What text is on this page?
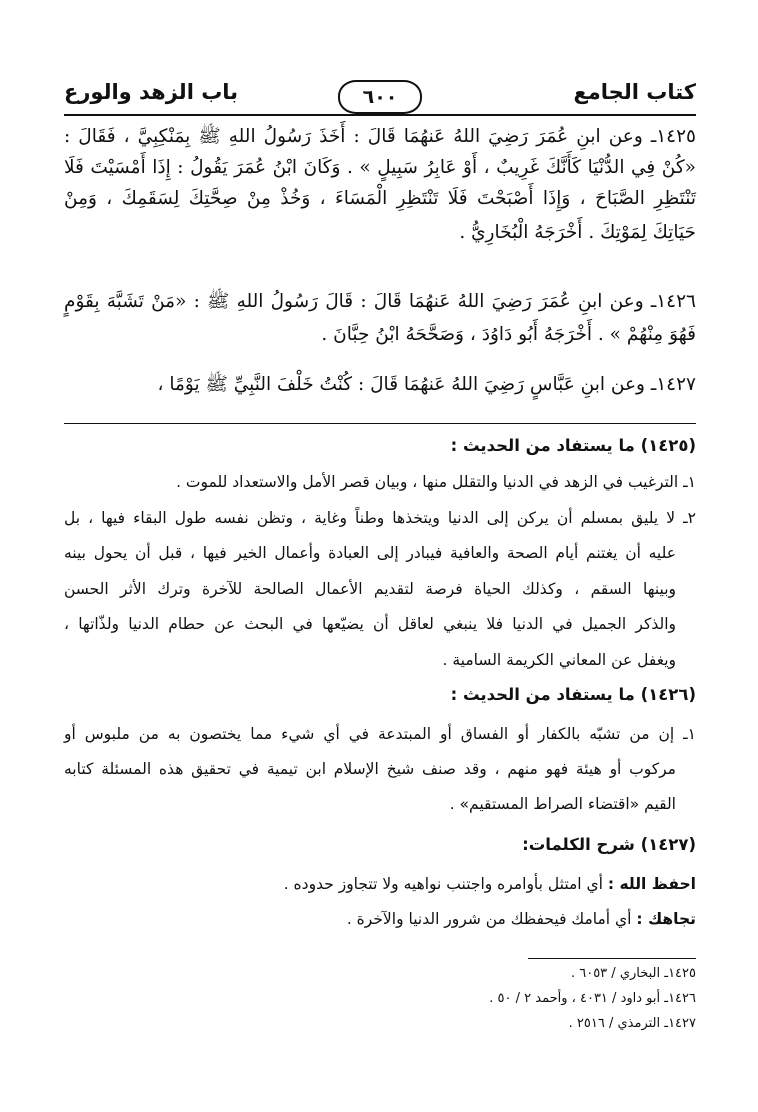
كتاب الجامع
٦٠٠
باب الزهد والورع
١٤٢٥ـ وعن ابنِ عُمَرَ رَضِيَ اللهُ عَنهُمَا قَالَ : أَخَذَ رَسُولُ اللهِ ﷺ بِمَنْكِبِيَّ ، فَقَالَ :
«كُنْ فِي الدُّنْيَا كَأَنَّكَ غَرِيبٌ ، أَوْ عَابِرُ سَبِيلٍ » . وَكَانَ ابْنُ عُمَرَ يَقُولُ : إِذَا أَمْسَيْتَ فَلَا
تَنْتَظِرِ الصَّبَاحَ ، وَإِذَا أَصْبَحْتَ فَلَا تَنْتَظِرِ الْمَسَاءَ ، وَخُذْ مِنْ صِحَّتِكَ لِسَقَمِكَ ، وَمِنْ
حَيَاتِكَ لِمَوْتِكَ . أَخْرَجَهُ الْبُخَارِيُّ .
١٤٢٦ـ وعن ابنِ عُمَرَ رَضِيَ اللهُ عَنهُمَا قَالَ : قَالَ رَسُولُ اللهِ ﷺ : «مَنْ تَشَبَّهَ بِقَوْمٍ
فَهُوَ مِنْهُمْ » . أَخْرَجَهُ أَبُو دَاوُدَ ، وَصَحَّحَهُ ابْنُ حِبَّانَ .
١٤٢٧ـ وعن ابنِ عَبَّاسٍ رَضِيَ اللهُ عَنهُمَا قَالَ : كُنْتُ خَلْفَ النَّبِيِّ ﷺ يَوْمًا ،
(١٤٢٥) ما يستفاد من الحديث :
١ـ الترغيب في الزهد في الدنيا والتقلل منها ، وبيان قصر الأمل والاستعداد للموت .
٢ـ لا يليق بمسلم أن يركن إلى الدنيا ويتخذها وطناً وغاية ، وتظن نفسه طول البقاء فيها ، بل
عليه أن يغتنم أيام الصحة والعافية فيبادر إلى العبادة وأعمال الخير فيها ، قبل أن يحول بينه
وبينها السقم ، وكذلك الحياة فرصة لتقديم الأعمال الصالحة للآخرة وترك الأثر الحسن
والذكر الجميل في الدنيا فلا ينبغي لعاقل أن يضيّعها في البحث عن حطام الدنيا ولذّاتها ،
ويغفل عن المعاني الكريمة السامية .
(١٤٢٦) ما يستفاد من الحديث :
١ـ إن من تشبّه بالكفار أو الفساق أو المبتدعة في أي شيء مما يختصون به من ملبوس أو
مركوب أو هيئة فهو منهم ، وقد صنف شيخ الإسلام ابن تيمية في تحقيق هذه المسئلة كتابه
القيم «اقتضاء الصراط المستقيم» .
(١٤٢٧) شرح الكلمات:
احفظ الله : أي امتثل بأوامره واجتنب نواهيه ولا تتجاوز حدوده .
تجاهك : أي أمامك فيحفظك من شرور الدنيا والآخرة .
١٤٢٥ـ البخاري / ٦٠٥٣ .
١٤٢٦ـ أبو داود / ٤٠٣١ ، وأحمد ٢ / ٥٠ .
١٤٢٧ـ الترمذي / ٢٥١٦ .
